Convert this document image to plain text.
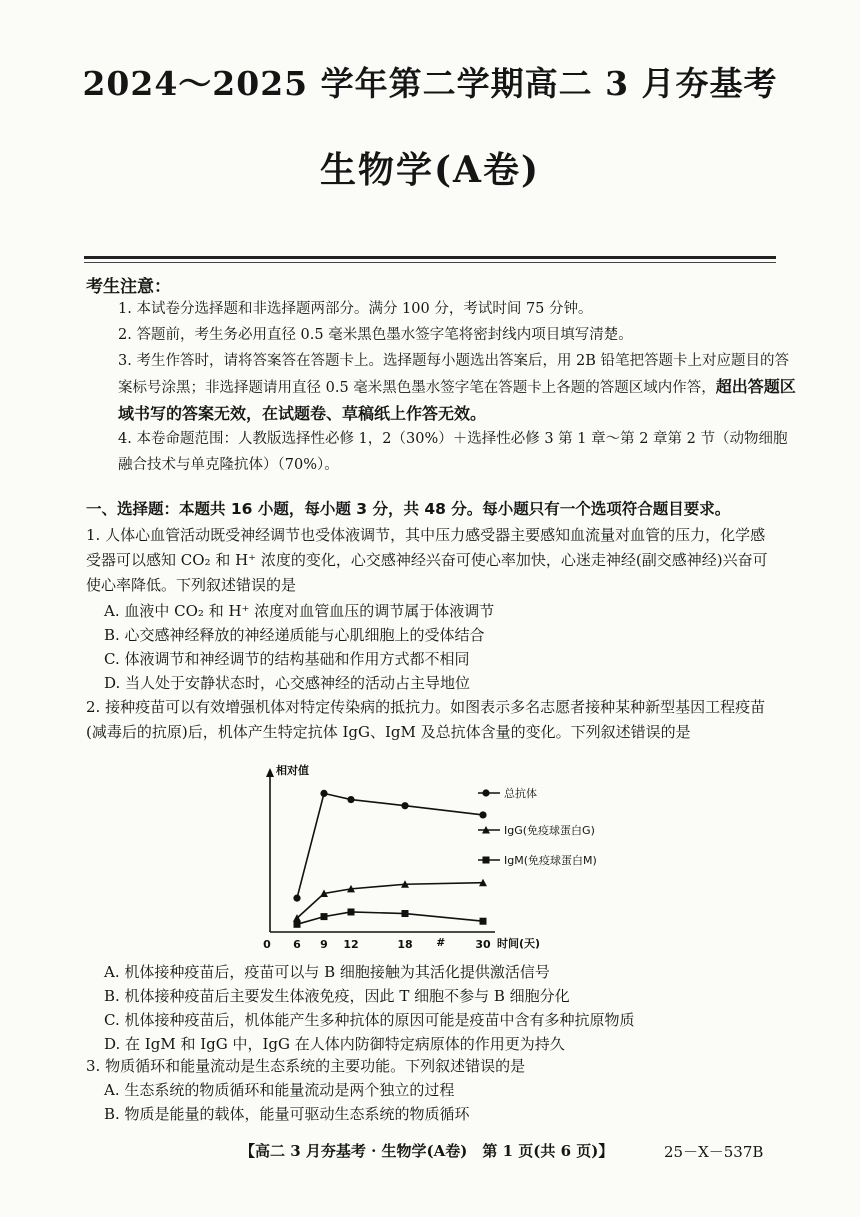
2024～2025 学年第二学期高二 3 月夯基考
生物学(A卷)
考生注意：
1. 本试卷分选择题和非选择题两部分。满分 100 分，考试时间 75 分钟。
2. 答题前，考生务必用直径 0.5 毫米黑色墨水签字笔将密封线内项目填写清楚。
3. 考生作答时，请将答案答在答题卡上。选择题每小题选出答案后，用 2B 铅笔把答题卡上对应题目的答案标号涂黑；非选择题请用直径 0.5 毫米黑色墨水签字笔在答题卡上各题的答题区域内作答，超出答题区域书写的答案无效，在试题卷、草稿纸上作答无效。
4. 本卷命题范围：人教版选择性必修 1，2（30%）＋选择性必修 3 第 1 章～第 2 章第 2 节（动物细胞融合技术与单克隆抗体）（70%）。
一、选择题：本题共 16 小题，每小题 3 分，共 48 分。每小题只有一个选项符合题目要求。
1. 人体心血管活动既受神经调节也受体液调节，其中压力感受器主要感知血流量对血管的压力，化学感受器可以感知 CO₂ 和 H⁺ 浓度的变化，心交感神经兴奋可使心率加快，心迷走神经(副交感神经)兴奋可使心率降低。下列叙述错误的是
A. 血液中 CO₂ 和 H⁺ 浓度对血管血压的调节属于体液调节
B. 心交感神经释放的神经递质能与心肌细胞上的受体结合
C. 体液调节和神经调节的结构基础和作用方式都不相同
D. 当人处于安静状态时，心交感神经的活动占主导地位
2. 接种疫苗可以有效增强机体对特定传染病的抵抗力。如图表示多名志愿者接种某种新型基因工程疫苗(减毒后的抗原)后，机体产生特定抗体 IgG、IgM 及总抗体含量的变化。下列叙述错误的是
相对值
时间(天)
0 6 9 12	18	30
#
总抗体
IgG(免疫球蛋白G)
IgM(免疫球蛋白M)
A. 机体接种疫苗后，疫苗可以与 B 细胞接触为其活化提供激活信号
B. 机体接种疫苗后主要发生体液免疫，因此 T 细胞不参与 B 细胞分化
C. 机体接种疫苗后，机体能产生多种抗体的原因可能是疫苗中含有多种抗原物质
D. 在 IgM 和 IgG 中，IgG 在人体内防御特定病原体的作用更为持久
3. 物质循环和能量流动是生态系统的主要功能。下列叙述错误的是
A. 生态系统的物质循环和能量流动是两个独立的过程
B. 物质是能量的载体，能量可驱动生态系统的物质循环
【高二 3 月夯基考 · 生物学(A卷)　第 1 页(共 6 页)】	25－X－537B
